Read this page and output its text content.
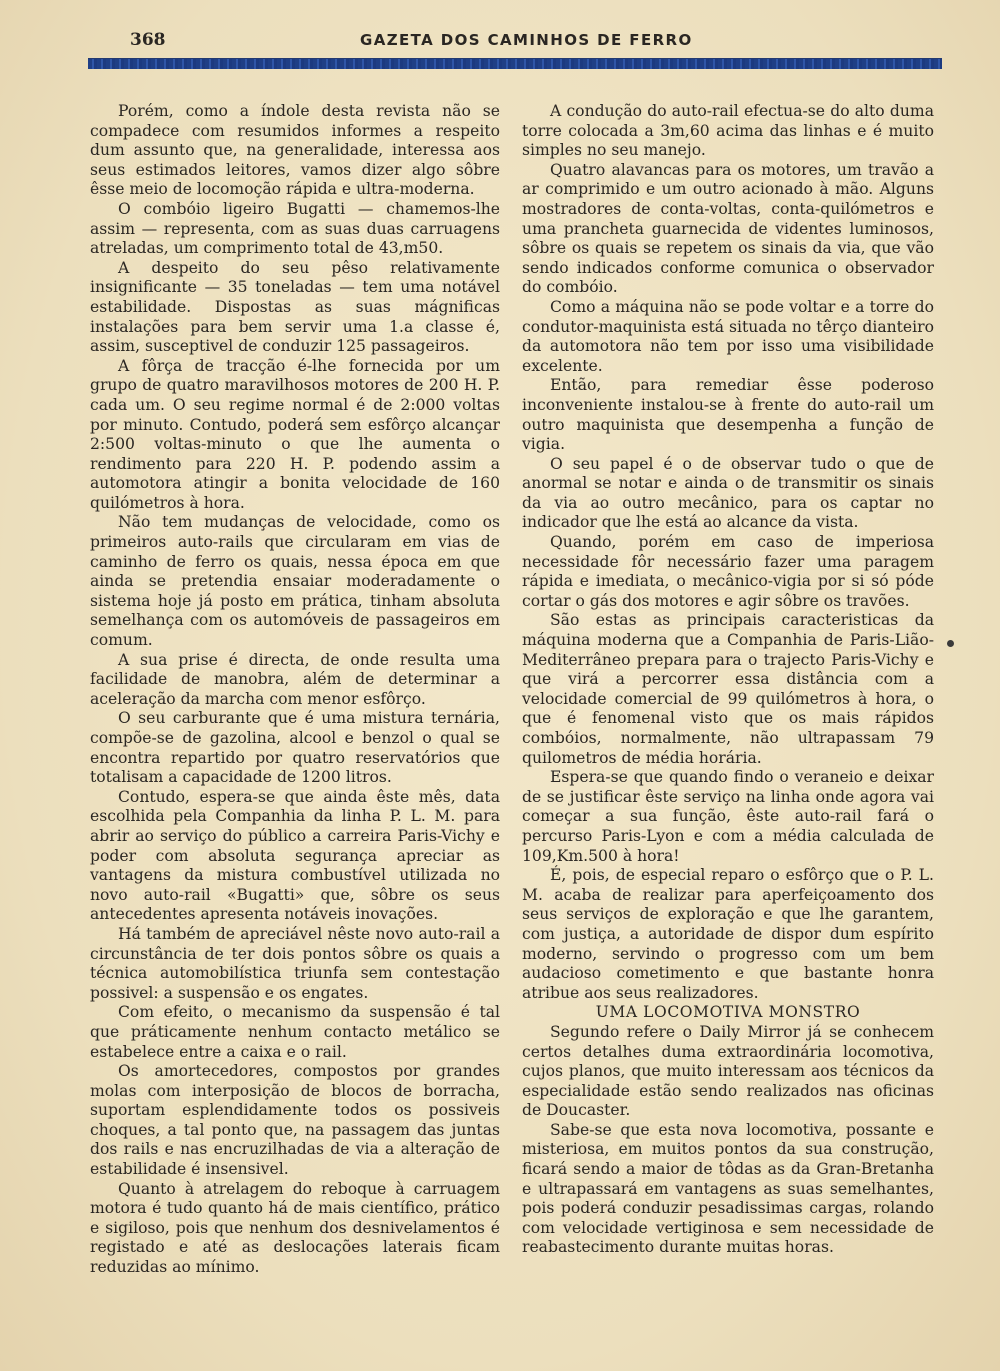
368	GAZETA DOS CAMINHOS DE FERRO

Porém, como a índole desta revista não se compadece com resumidos informes a respeito dum assunto que, na generalidade, interessa aos seus estimados leitores, vamos dizer algo sôbre êsse meio de locomoção rápida e ultra-moderna.

O combóio ligeiro Bugatti — chamemos-lhe assim — representa, com as suas duas carruagens atreladas, um comprimento total de 43,m50.

A despeito do seu pêso relativamente insignificante — 35 toneladas — tem uma notável estabilidade. Dispostas as suas mágnificas instalações para bem servir uma 1.a classe é, assim, susceptivel de conduzir 125 passageiros.

A fôrça de tracção é-lhe fornecida por um grupo de quatro maravilhosos motores de 200 H. P. cada um. O seu regime normal é de 2:000 voltas por minuto. Contudo, poderá sem esfôrço alcançar 2:500 voltas-minuto o que lhe aumenta o rendimento para 220 H. P. podendo assim a automotora atingir a bonita velocidade de 160 quilómetros à hora.

Não tem mudanças de velocidade, como os primeiros auto-rails que circularam em vias de caminho de ferro os quais, nessa época em que ainda se pretendia ensaiar moderadamente o sistema hoje já posto em prática, tinham absoluta semelhança com os automóveis de passageiros em comum.

A sua prise é directa, de onde resulta uma facilidade de manobra, além de determinar a aceleração da marcha com menor esfôrço.

O seu carburante que é uma mistura ternária, compõe-se de gazolina, alcool e benzol o qual se encontra repartido por quatro reservatórios que totalisam a capacidade de 1200 litros.

Contudo, espera-se que ainda êste mês, data escolhida pela Companhia da linha P. L. M. para abrir ao serviço do público a carreira Paris-Vichy e poder com absoluta segurança apreciar as vantagens da mistura combustível utilizada no novo auto-rail «Bugatti» que, sôbre os seus antecedentes apresenta notáveis inovações.

Há também de apreciável nêste novo auto-rail a circunstância de ter dois pontos sôbre os quais a técnica automobilística triunfa sem contestação possivel: a suspensão e os engates.

Com efeito, o mecanismo da suspensão é tal que práticamente nenhum contacto metálico se estabelece entre a caixa e o rail.

Os amortecedores, compostos por grandes molas com interposição de blocos de borracha, suportam esplendidamente todos os possiveis choques, a tal ponto que, na passagem das juntas dos rails e nas encruzilhadas de via a alteração de estabilidade é insensivel.

Quanto à atrelagem do reboque à carruagem motora é tudo quanto há de mais científico, prático e sigiloso, pois que nenhum dos desnivelamentos é registado e até as deslocações laterais ficam reduzidas ao mínimo.

A condução do auto-rail efectua-se do alto duma torre colocada a 3m,60 acima das linhas e é muito simples no seu manejo.

Quatro alavancas para os motores, um travão a ar comprimido e um outro acionado à mão. Alguns mostradores de conta-voltas, conta-quilómetros e uma prancheta guarnecida de videntes luminosos, sôbre os quais se repetem os sinais da via, que vão sendo indicados conforme comunica o observador do combóio.

Como a máquina não se pode voltar e a torre do condutor-maquinista está situada no têrço dianteiro da automotora não tem por isso uma visibilidade excelente.

Então, para remediar êsse poderoso inconveniente instalou-se à frente do auto-rail um outro maquinista que desempenha a função de vigia.

O seu papel é o de observar tudo o que de anormal se notar e ainda o de transmitir os sinais da via ao outro mecânico, para os captar no indicador que lhe está ao alcance da vista.

Quando, porém em caso de imperiosa necessidade fôr necessário fazer uma paragem rápida e imediata, o mecânico-vigia por si só póde cortar o gás dos motores e agir sôbre os travões.

São estas as principais caracteristicas da máquina moderna que a Companhia de Paris-Lião-Mediterrâneo prepara para o trajecto Paris-Vichy e que virá a percorrer essa distância com a velocidade comercial de 99 quilómetros à hora, o que é fenomenal visto que os mais rápidos combóios, normalmente, não ultrapassam 79 quilometros de média horária.

Espera-se que quando findo o veraneio e deixar de se justificar êste serviço na linha onde agora vai começar a sua função, êste auto-rail fará o percurso Paris-Lyon e com a média calculada de 109,Km.500 à hora!

É, pois, de especial reparo o esfôrço que o P. L. M. acaba de realizar para aperfeiçoamento dos seus serviços de exploração e que lhe garantem, com justiça, a autoridade de dispor dum espírito moderno, servindo o progresso com um bem audacioso cometimento e que bastante honra atribue aos seus realizadores.

UMA LOCOMOTIVA MONSTRO

Segundo refere o Daily Mirror já se conhecem certos detalhes duma extraordinária locomotiva, cujos planos, que muito interessam aos técnicos da especialidade estão sendo realizados nas oficinas de Doucaster.

Sabe-se que esta nova locomotiva, possante e misteriosa, em muitos pontos da sua construção, ficará sendo a maior de tôdas as da Gran-Bretanha e ultrapassará em vantagens as suas semelhantes, pois poderá conduzir pesadissimas cargas, rolando com velocidade vertiginosa e sem necessidade de reabastecimento durante muitas horas.
